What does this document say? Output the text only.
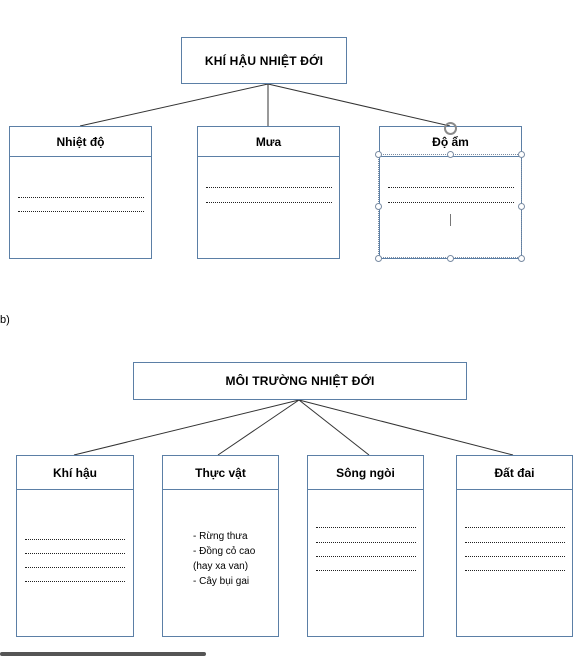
KHÍ HẬU NHIỆT ĐỚI
Nhiệt độ	Mưa	Độ ẩm
b)
MÔI TRƯỜNG NHIỆT ĐỚI
Khí hậu	Thực vật
- Rừng thưa
- Đồng cỏ cao
(hay xa van)
- Cây bụi gai
Sông ngòi	Đất đai
